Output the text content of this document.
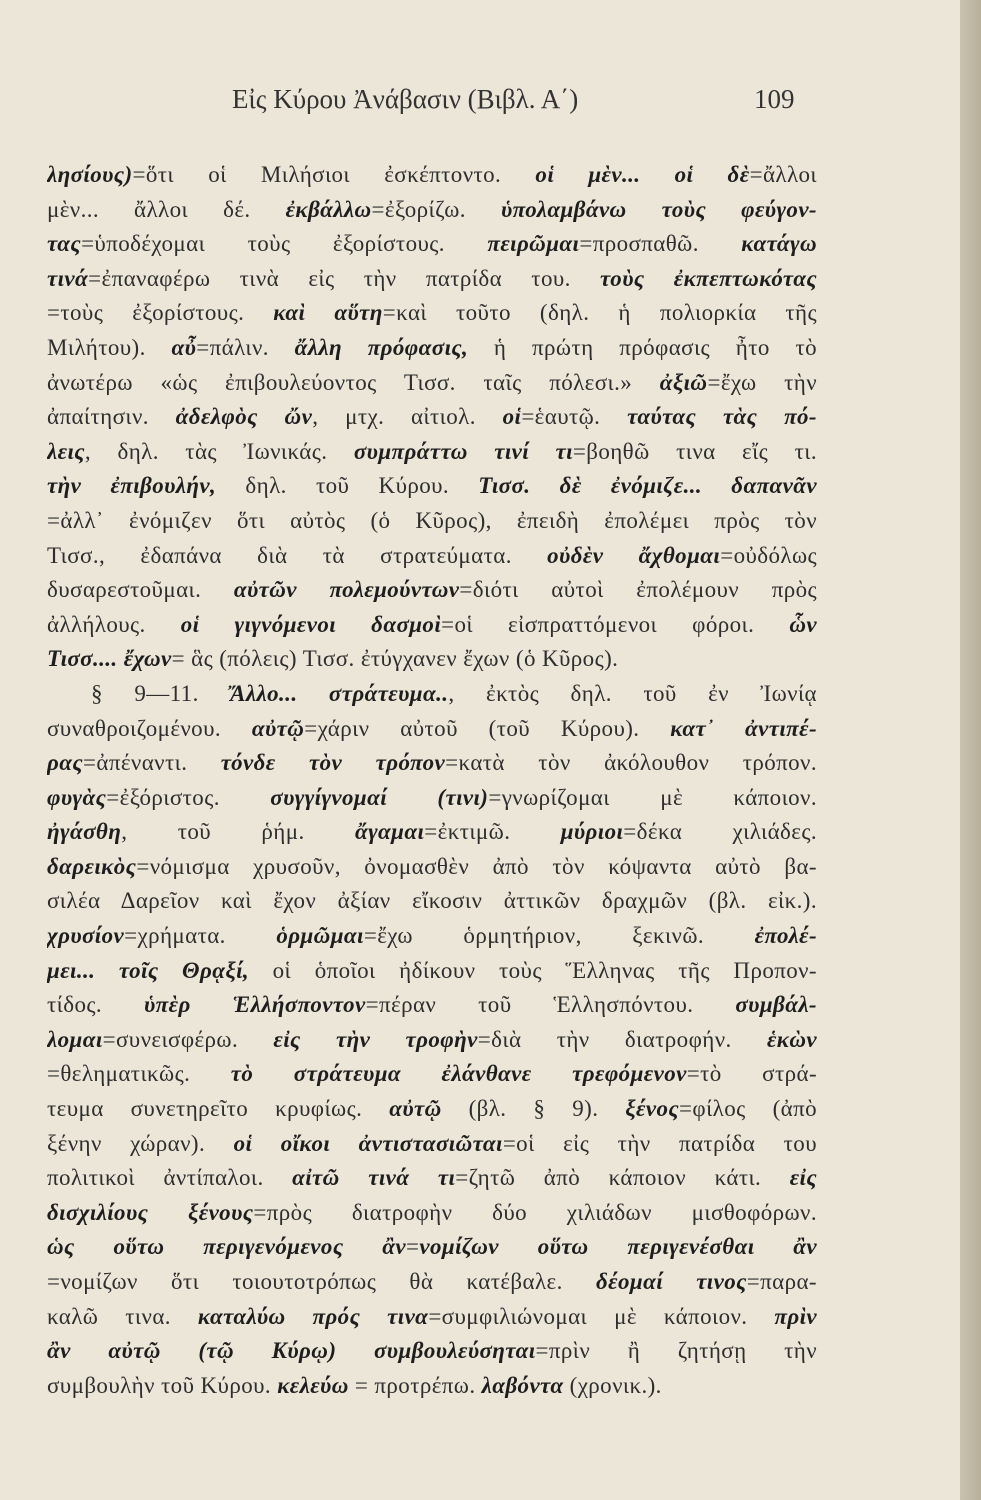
Εἰς Κύρου Ἀνάβασιν (Βιβλ. Α΄)	109
λησίους)=ὅτι οἱ Μιλήσιοι ἐσκέπτοντο. οἱ μὲν... οἱ δὲ=ἄλλοι
μὲν... ἄλλοι δέ. ἐκβάλλω=ἐξορίζω. ὑπολαμβάνω τοὺς φεύγον-
τας=ὑποδέχομαι τοὺς ἐξορίστους. πειρῶμαι=προσπαθῶ. κατάγω
τινά=ἐπαναφέρω τινὰ εἰς τὴν πατρίδα του. τοὺς ἐκπεπτωκότας
=τοὺς ἐξορίστους. καὶ αὕτη=καὶ τοῦτο (δηλ. ἡ πολιορκία τῆς
Μιλήτου). αὖ=πάλιν. ἄλλη πρόφασις, ἡ πρώτη πρόφασις ἦτο τὸ
ἀνωτέρω «ὡς ἐπιβουλεύοντος Τισσ. ταῖς πόλεσι.» ἀξιῶ=ἔχω τὴν
ἀπαίτησιν. ἀδελφὸς ὤν, μτχ. αἰτιολ. οἱ=ἑαυτῷ. ταύτας τὰς πό-
λεις, δηλ. τὰς Ἰωνικάς. συμπράττω τινί τι=βοηθῶ τινα εἴς τι.
τὴν ἐπιβουλήν, δηλ. τοῦ Κύρου. Τισσ. δὲ ἐνόμιζε... δαπανᾶν
=ἀλλ᾽ ἐνόμιζεν ὅτι αὐτὸς (ὁ Κῦρος), ἐπειδὴ ἐπολέμει πρὸς τὸν
Τισσ., ἐδαπάνα διὰ τὰ στρατεύματα. οὐδὲν ἄχθομαι=οὐδόλως
δυσαρεστοῦμαι. αὐτῶν πολεμούντων=διότι αὐτοὶ ἐπολέμουν πρὸς
ἀλλήλους. οἱ γιγνόμενοι δασμοὶ=οἱ εἰσπραττόμενοι φόροι. ὧν
Τισσ.... ἔχων= ἃς (πόλεις) Τισσ. ἐτύγχανεν ἔχων (ὁ Κῦρος).
§ 9—11. Ἄλλο... στράτευμα.., ἐκτὸς δηλ. τοῦ ἐν Ἰωνίᾳ
συναθροιζομένου. αὐτῷ=χάριν αὐτοῦ (τοῦ Κύρου). κατ᾽ ἀντιπέ-
ρας=ἀπέναντι. τόνδε τὸν τρόπον=κατὰ τὸν ἀκόλουθον τρόπον.
φυγὰς=ἐξόριστος. συγγίγνομαί (τινι)=γνωρίζομαι μὲ κάποιον.
ἠγάσθη, τοῦ ῥήμ. ἄγαμαι=ἐκτιμῶ. μύριοι=δέκα χιλιάδες.
δαρεικὸς=νόμισμα χρυσοῦν, ὀνομασθὲν ἀπὸ τὸν κόψαντα αὐτὸ βα-
σιλέα Δαρεῖον καὶ ἔχον ἀξίαν εἴκοσιν ἀττικῶν δραχμῶν (βλ. εἰκ.).
χρυσίον=χρήματα. ὁρμῶμαι=ἔχω ὁρμητήριον, ξεκινῶ. ἐπολέ-
μει... τοῖς Θρᾳξί, οἱ ὁποῖοι ἠδίκουν τοὺς Ἕλληνας τῆς Προπον-
τίδος. ὑπὲρ Ἑλλήσποντον=πέραν τοῦ Ἑλλησπόντου. συμβάλ-
λομαι=συνεισφέρω. εἰς τὴν τροφὴν=διὰ τὴν διατροφήν. ἑκὼν
=θεληματικῶς. τὸ στράτευμα ἐλάνθανε τρεφόμενον=τὸ στρά-
τευμα συνετηρεῖτο κρυφίως. αὐτῷ (βλ. § 9). ξένος=φίλος (ἀπὸ
ξένην χώραν). οἱ οἴκοι ἀντιστασιῶται=οἱ εἰς τὴν πατρίδα του
πολιτικοὶ ἀντίπαλοι. αἰτῶ τινά τι=ζητῶ ἀπὸ κάποιον κάτι. εἰς
δισχιλίους ξένους=πρὸς διατροφὴν δύο χιλιάδων μισθοφόρων.
ὡς οὕτω περιγενόμενος ἂν=νομίζων οὕτω περιγενέσθαι ἂν
=νομίζων ὅτι τοιουτοτρόπως θὰ κατέβαλε. δέομαί τινος=παρα-
καλῶ τινα. καταλύω πρός τινα=συμφιλιώνομαι μὲ κάποιον. πρὶν
ἂν αὐτῷ (τῷ Κύρῳ) συμβουλεύσηται=πρὶν ἢ ζητήσῃ τὴν
συμβουλὴν τοῦ Κύρου. κελεύω = προτρέπω. λαβόντα (χρονικ.).
